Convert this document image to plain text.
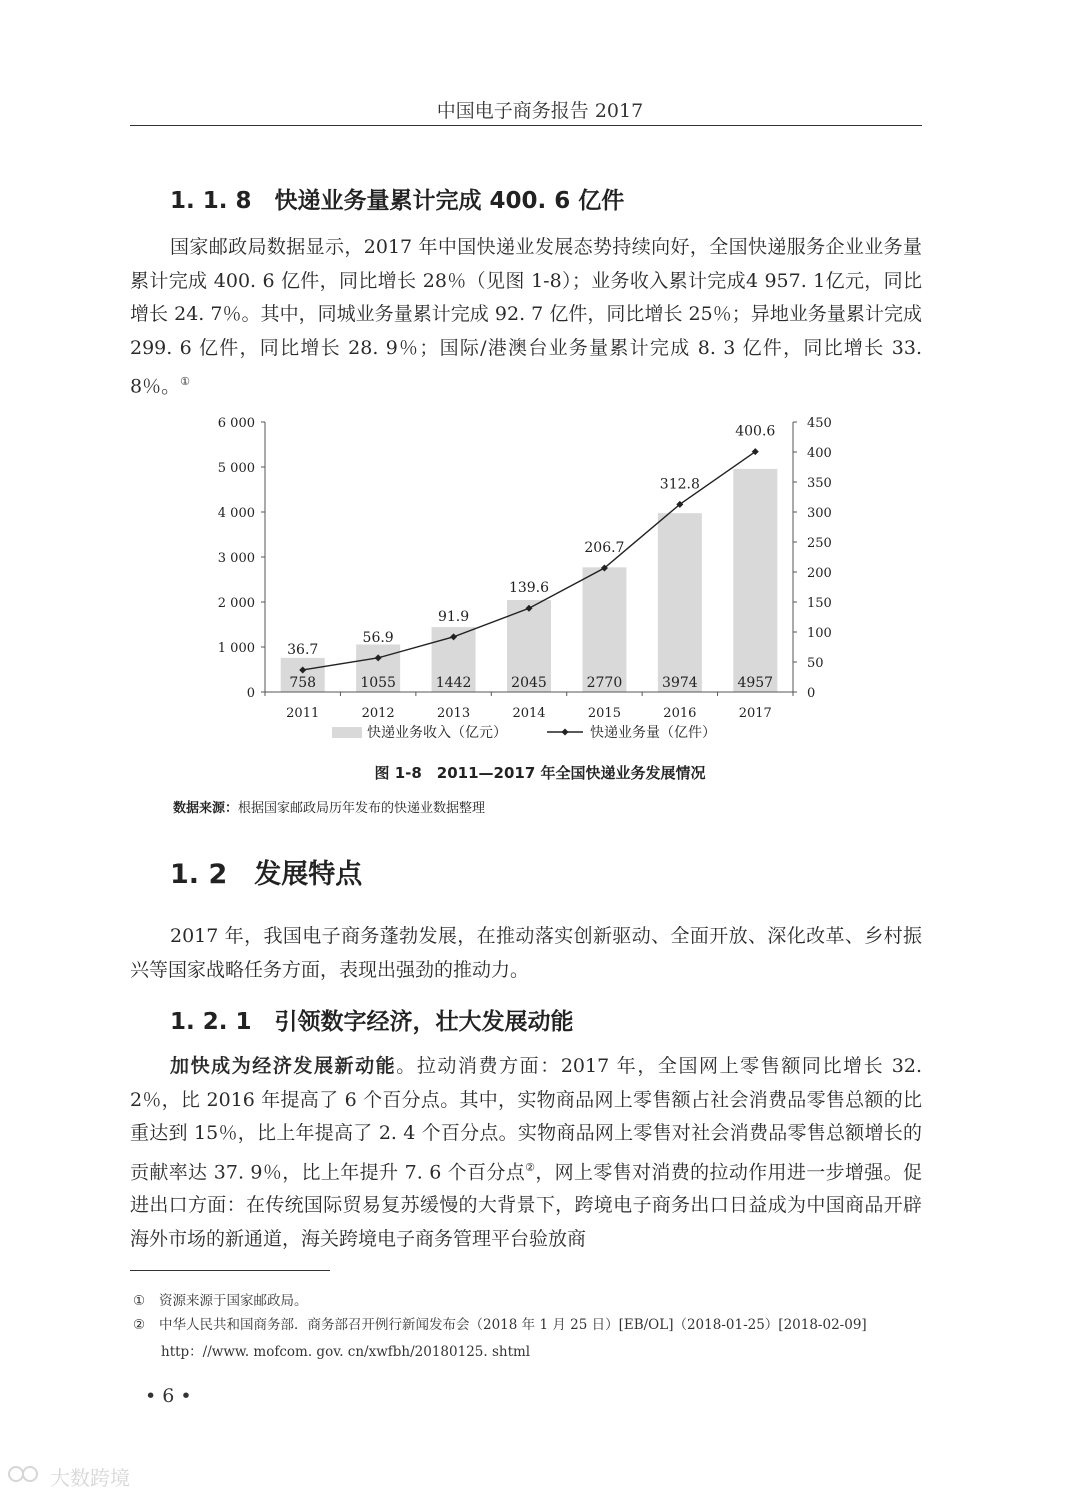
中国电子商务报告 2017
1. 1. 8　快递业务量累计完成 400. 6 亿件
国家邮政局数据显示，2017 年中国快递业发展态势持续向好，全国快递服务企业业务量累计完成 400. 6 亿件，同比增长 28％（见图 1-8）；业务收入累计完成4 957. 1亿元，同比增长 24. 7％。其中，同城业务量累计完成 92. 7 亿件，同比增长 25％；异地业务量累计完成 299. 6 亿件，同比增长 28. 9％；国际/港澳台业务量累计完成 8. 3 亿件，同比增长 33. 8％。①
758	1055	1442	2045	2770	3974	4957
36.7
56.9
91.9
139.6
206.7
312.8
400.6
0
1 000
2 000
3 000
4 000
5 000
6 000
0
50
100
150
200
250
300
350
400
450
2011	2012	2013	2014	2015	2016	2017
快递业务收入（亿元）	快递业务量（亿件）
图 1-8　2011—2017 年全国快递业务发展情况
数据来源：根据国家邮政局历年发布的快递业数据整理
1. 2　发展特点
2017 年，我国电子商务蓬勃发展，在推动落实创新驱动、全面开放、深化改革、乡村振兴等国家战略任务方面，表现出强劲的推动力。
1. 2. 1　引领数字经济，壮大发展动能
加快成为经济发展新动能。拉动消费方面：2017 年，全国网上零售额同比增长 32. 2％，比 2016 年提高了 6 个百分点。其中，实物商品网上零售额占社会消费品零售总额的比重达到 15％，比上年提高了 2. 4 个百分点。实物商品网上零售对社会消费品零售总额增长的贡献率达 37. 9％，比上年提升 7. 6 个百分点②，网上零售对消费的拉动作用进一步增强。促进出口方面：在传统国际贸易复苏缓慢的大背景下，跨境电子商务出口日益成为中国商品开辟海外市场的新通道，海关跨境电子商务管理平台验放商
① 资源来源于国家邮政局。
② 中华人民共和国商务部．商务部召开例行新闻发布会（2018 年 1 月 25 日）[EB/OL]（2018-01-25）[2018-02-09]
http：//www. mofcom. gov. cn/xwfbh/20180125. shtml
• 6 •
大数跨境
